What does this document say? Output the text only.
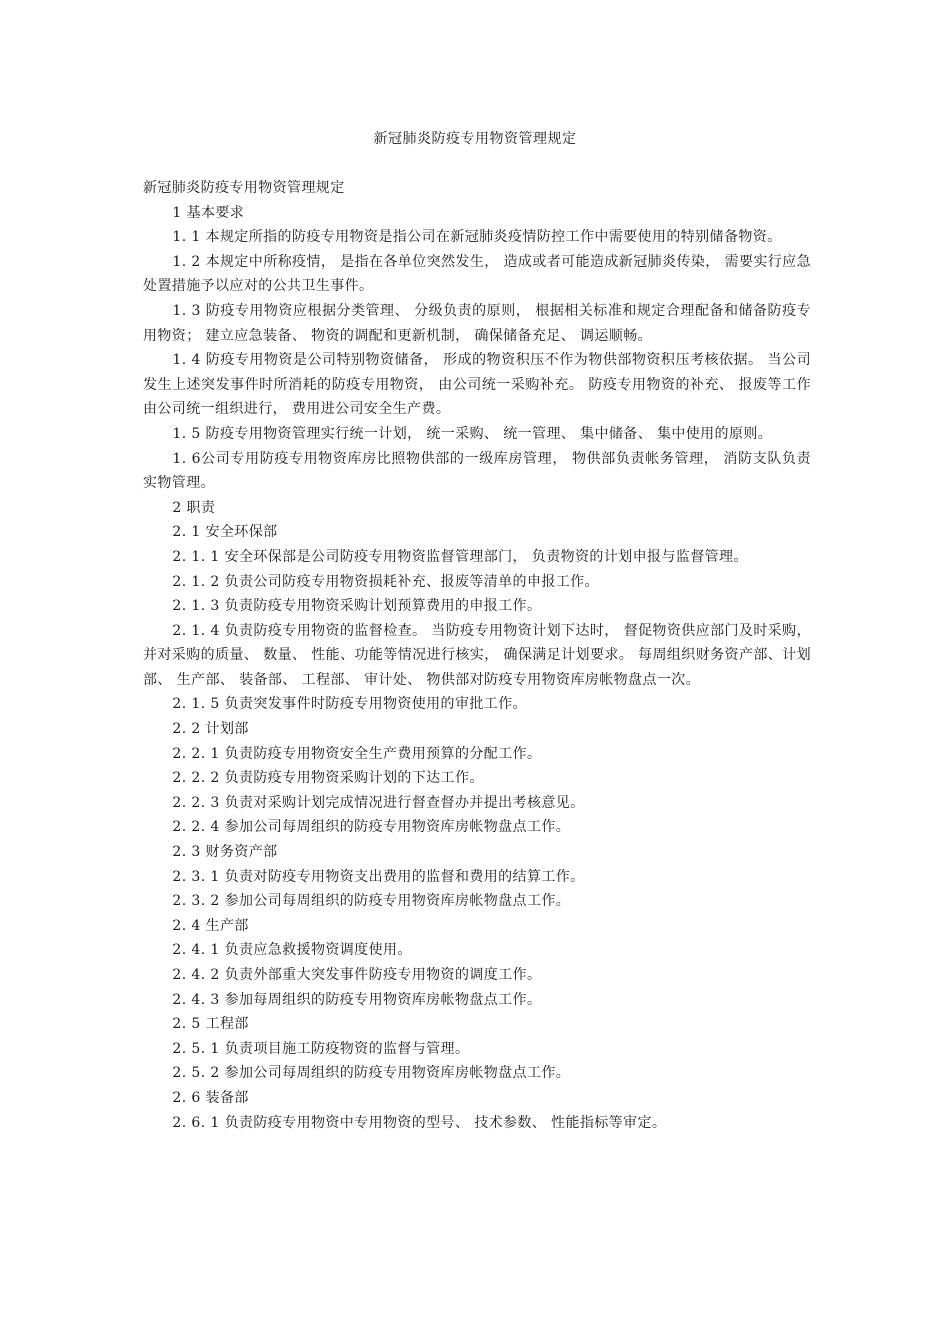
新冠肺炎防疫专用物资管理规定

新冠肺炎防疫专用物资管理规定

1 基本要求

1. 1 本规定所指的防疫专用物资是指公司在新冠肺炎疫情防控工作中需要使用的特别储备物资。

1. 2 本规定中所称疫情， 是指在各单位突然发生， 造成或者可能造成新冠肺炎传染， 需要实行应急处置措施予以应对的公共卫生事件。

1. 3 防疫专用物资应根据分类管理、 分级负责的原则， 根据相关标准和规定合理配备和储备防疫专用物资； 建立应急装备、 物资的调配和更新机制， 确保储备充足、 调运顺畅。

1. 4 防疫专用物资是公司特别物资储备， 形成的物资积压不作为物供部物资积压考核依据。 当公司发生上述突发事件时所消耗的防疫专用物资， 由公司统一采购补充。 防疫专用物资的补充、 报废等工作由公司统一组织进行， 费用进公司安全生产费。

1. 5 防疫专用物资管理实行统一计划， 统一采购、 统一管理、 集中储备、 集中使用的原则。

1. 6公司专用防疫专用物资库房比照物供部的一级库房管理， 物供部负责帐务管理， 消防支队负责实物管理。

2 职责

2. 1 安全环保部

2. 1. 1 安全环保部是公司防疫专用物资监督管理部门， 负责物资的计划申报与监督管理。

2. 1. 2 负责公司防疫专用物资损耗补充、报废等清单的申报工作。

2. 1. 3 负责防疫专用物资采购计划预算费用的申报工作。

2. 1. 4 负责防疫专用物资的监督检查。 当防疫专用物资计划下达时， 督促物资供应部门及时采购， 并对采购的质量、 数量、 性能、功能等情况进行核实， 确保满足计划要求。 每周组织财务资产部、计划部、 生产部、 装备部、 工程部、 审计处、 物供部对防疫专用物资库房帐物盘点一次。

2. 1. 5 负责突发事件时防疫专用物资使用的审批工作。

2. 2 计划部

2. 2. 1 负责防疫专用物资安全生产费用预算的分配工作。

2. 2. 2 负责防疫专用物资采购计划的下达工作。

2. 2. 3 负责对采购计划完成情况进行督查督办并提出考核意见。

2. 2. 4 参加公司每周组织的防疫专用物资库房帐物盘点工作。

2. 3 财务资产部

2. 3. 1 负责对防疫专用物资支出费用的监督和费用的结算工作。

2. 3. 2 参加公司每周组织的防疫专用物资库房帐物盘点工作。

2. 4 生产部

2. 4. 1 负责应急救援物资调度使用。

2. 4. 2 负责外部重大突发事件防疫专用物资的调度工作。

2. 4. 3 参加每周组织的防疫专用物资库房帐物盘点工作。

2. 5 工程部

2. 5. 1 负责项目施工防疫物资的监督与管理。

2. 5. 2 参加公司每周组织的防疫专用物资库房帐物盘点工作。

2. 6 装备部

2. 6. 1 负责防疫专用物资中专用物资的型号、 技术参数、 性能指标等审定。
